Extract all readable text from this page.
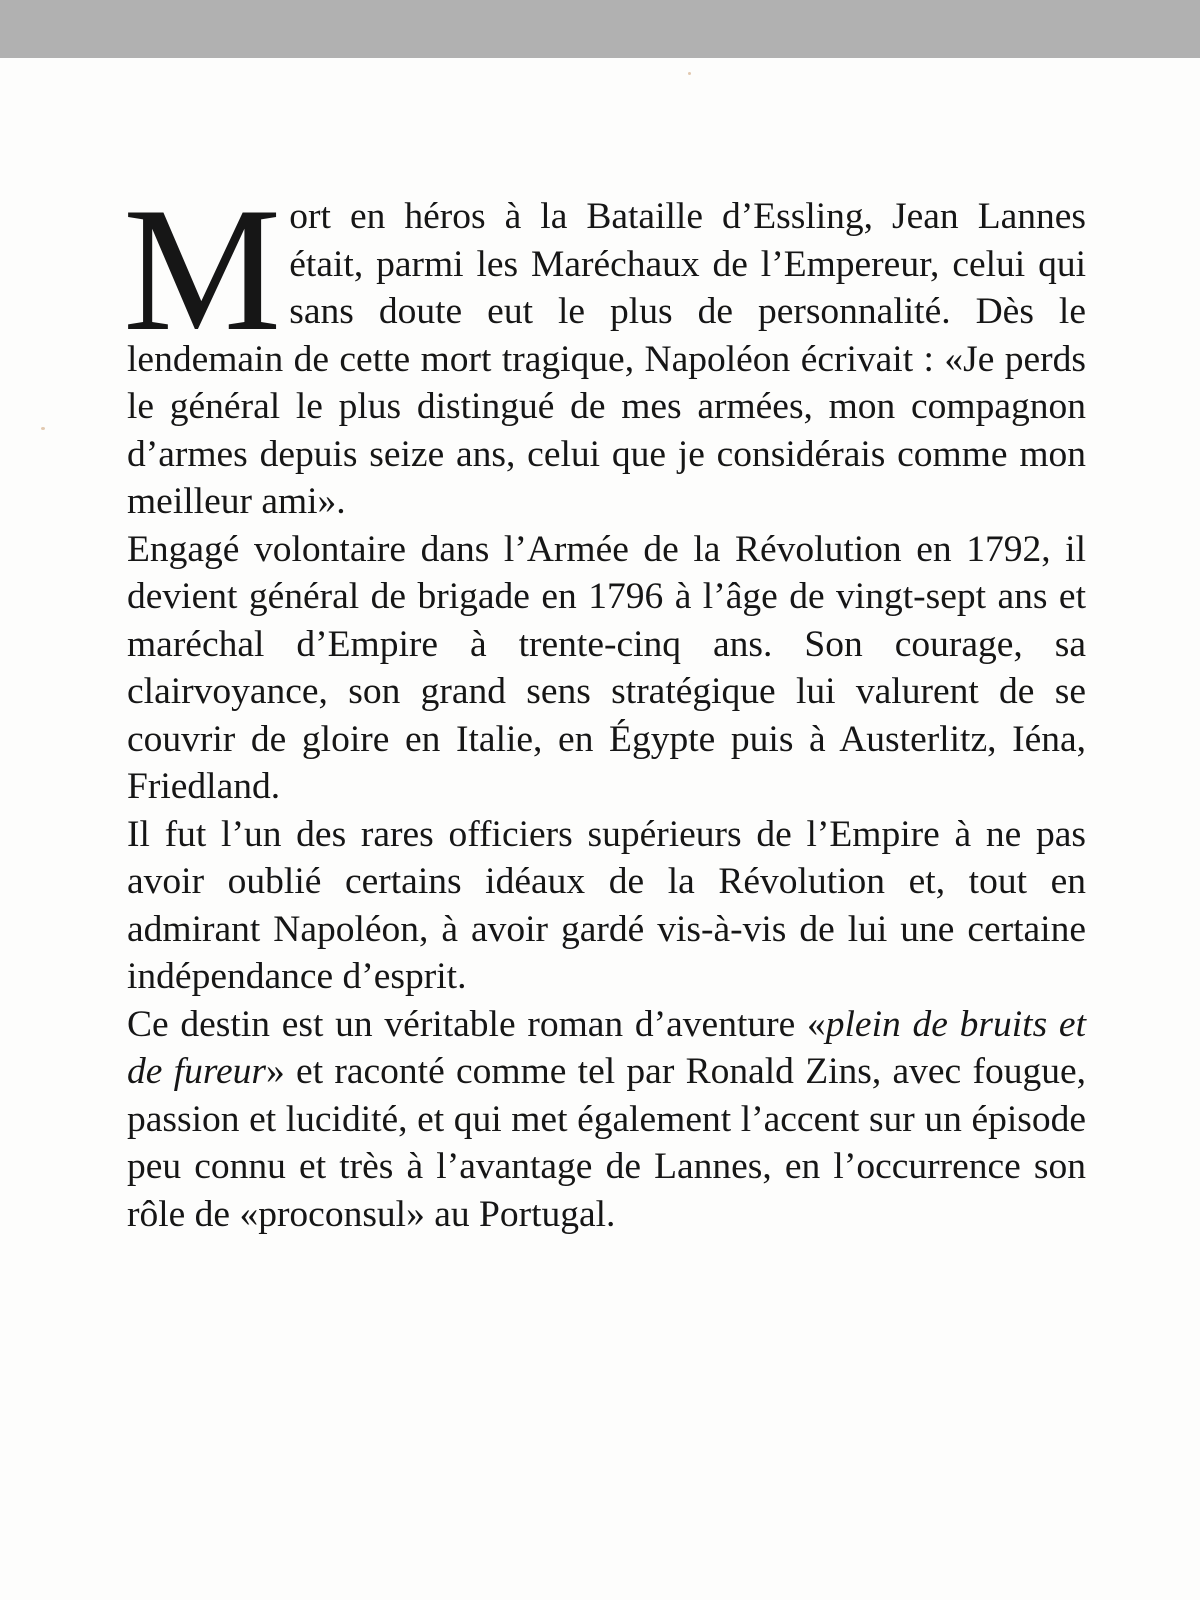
Mort en héros à la Bataille d’Essling, Jean Lannes était, parmi les Maréchaux de l’Empereur, celui qui sans doute eut le plus de personnalité. Dès le lendemain de cette mort tragique, Napoléon écrivait : «Je perds le général le plus distingué de mes armées, mon compagnon d’armes depuis seize ans, celui que je considérais comme mon meilleur ami».

Engagé volontaire dans l’Armée de la Révolution en 1792, il devient général de brigade en 1796 à l’âge de vingt-sept ans et maréchal d’Empire à trente-cinq ans. Son courage, sa clairvoyance, son grand sens stratégique lui valurent de se couvrir de gloire en Italie, en Égypte puis à Austerlitz, Iéna, Friedland.

Il fut l’un des rares officiers supérieurs de l’Empire à ne pas avoir oublié certains idéaux de la Révolution et, tout en admirant Napoléon, à avoir gardé vis-à-vis de lui une certaine indépendance d’esprit.

Ce destin est un véritable roman d’aventure «plein de bruits et de fureur» et raconté comme tel par Ronald Zins, avec fougue, passion et lucidité, et qui met également l’accent sur un épisode peu connu et très à l’avantage de Lannes, en l’occurrence son rôle de «proconsul» au Portugal.
